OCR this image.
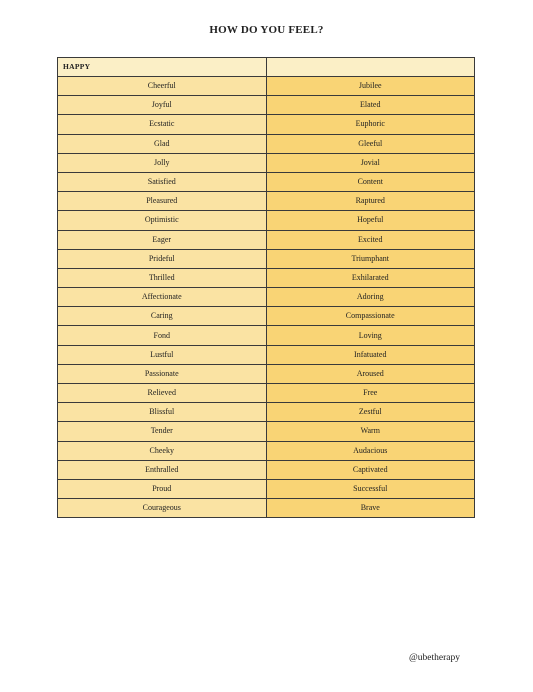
HOW DO YOU FEEL?
HAPPY	
Cheerful	Jubilee
Joyful	Elated
Ecstatic	Euphoric
Glad	Gleeful
Jolly	Jovial
Satisfied	Content
Pleasured	Raptured
Optimistic	Hopeful
Eager	Excited
Prideful	Triumphant
Thrilled	Exhilarated
Affectionate	Adoring
Caring	Compassionate
Fond	Loving
Lustful	Infatuated
Passionate	Aroused
Relieved	Free
Blissful	Zestful
Tender	Warm
Cheeky	Audacious
Enthralled	Captivated
Proud	Successful
Courageous	Brave
@ubetherapy
